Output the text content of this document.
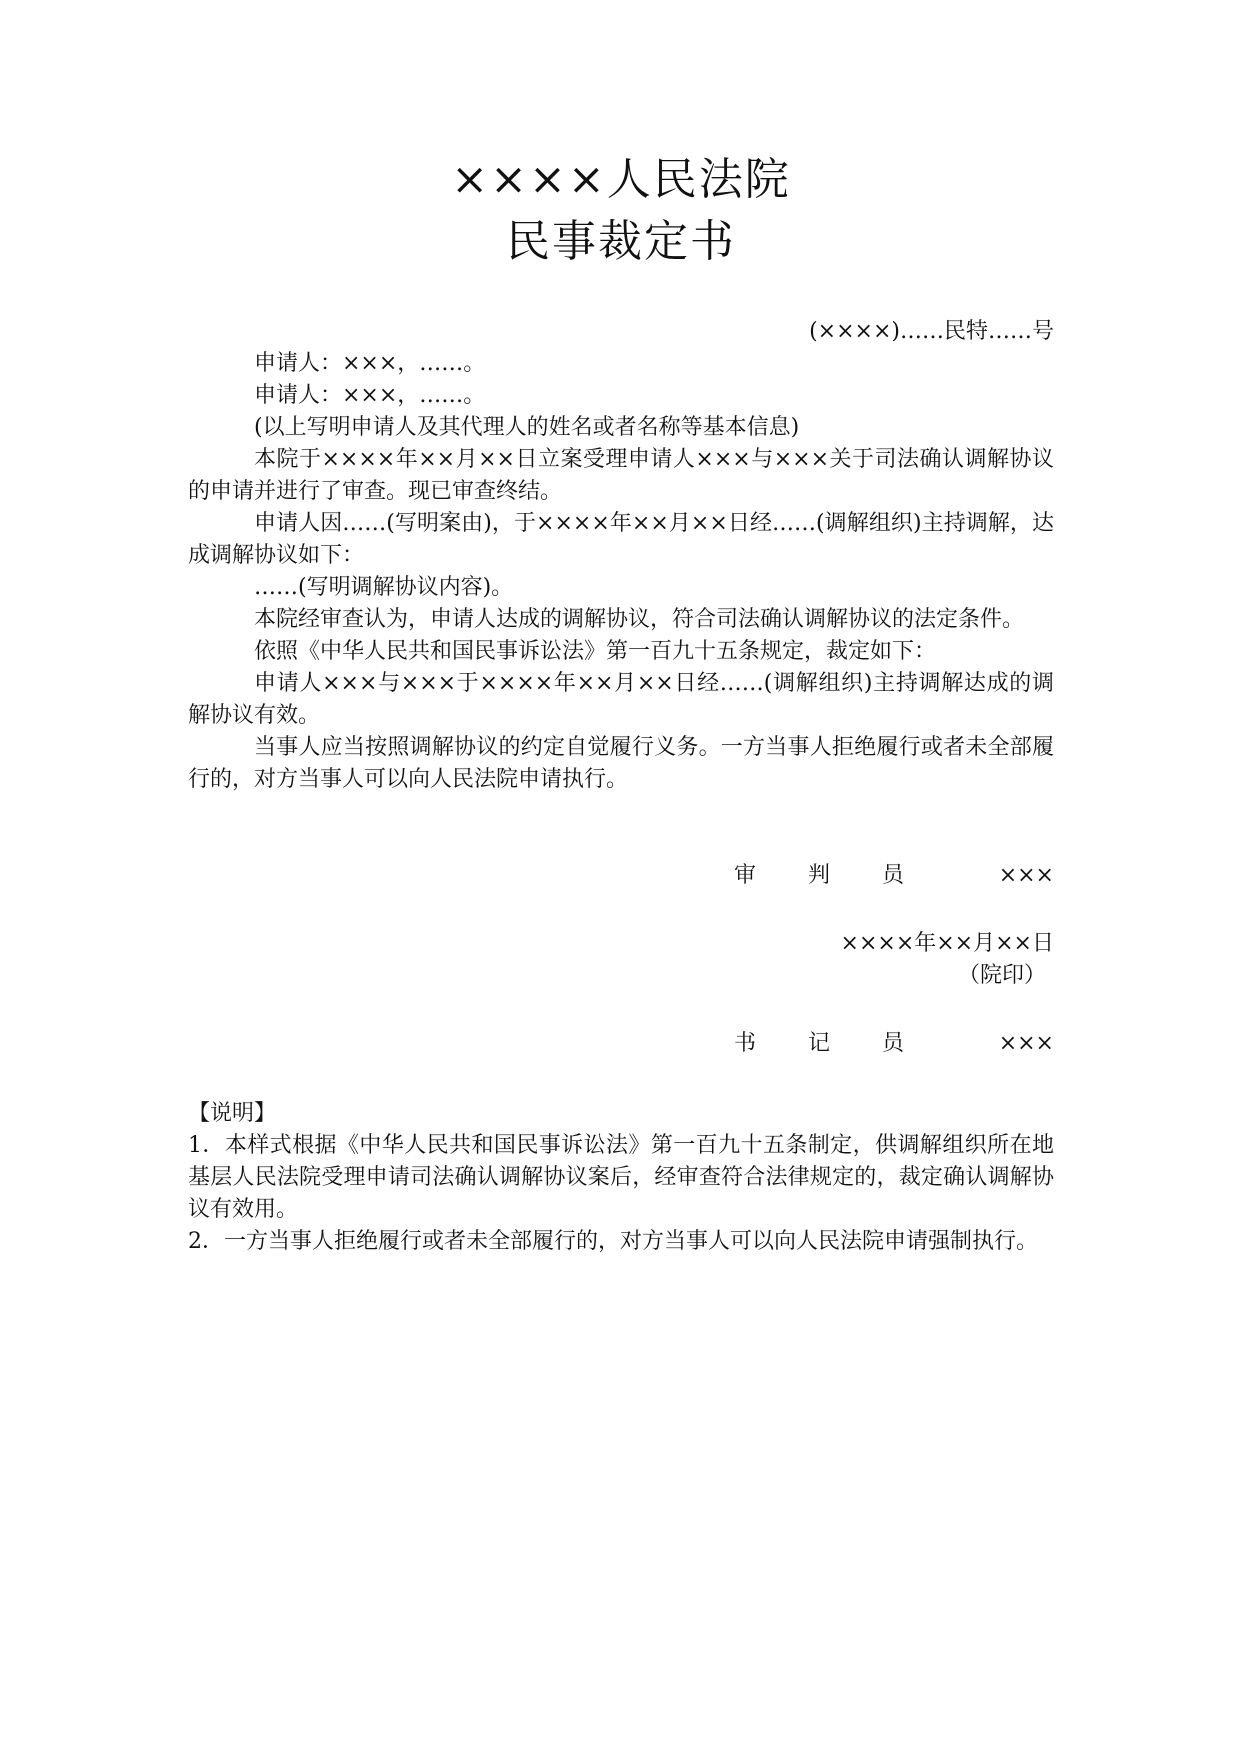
××××人民法院
民事裁定书
(××××)……民特……号

申请人：×××，……。

申请人：×××，……。

(以上写明申请人及其代理人的姓名或者名称等基本信息)

本院于××××年××月××日立案受理申请人×××与×××关于司法确认调解协议的申请并进行了审查。现已审查终结。

申请人因……(写明案由)，于××××年××月××日经……(调解组织)主持调解，达成调解协议如下：

……(写明调解协议内容)。

本院经审查认为，申请人达成的调解协议，符合司法确认调解协议的法定条件。

依照《中华人民共和国民事诉讼法》第一百九十五条规定，裁定如下：

申请人×××与×××于××××年××月××日经……(调解组织)主持调解达成的调解协议有效。

当事人应当按照调解协议的约定自觉履行义务。一方当事人拒绝履行或者未全部履行的，对方当事人可以向人民法院申请执行。

审 判 员	×××
××××年××月××日
（院印）
书 记 员	×××

【说明】

1．本样式根据《中华人民共和国民事诉讼法》第一百九十五条制定，供调解组织所在地基层人民法院受理申请司法确认调解协议案后，经审查符合法律规定的，裁定确认调解协议有效用。

2．一方当事人拒绝履行或者未全部履行的，对方当事人可以向人民法院申请强制执行。
